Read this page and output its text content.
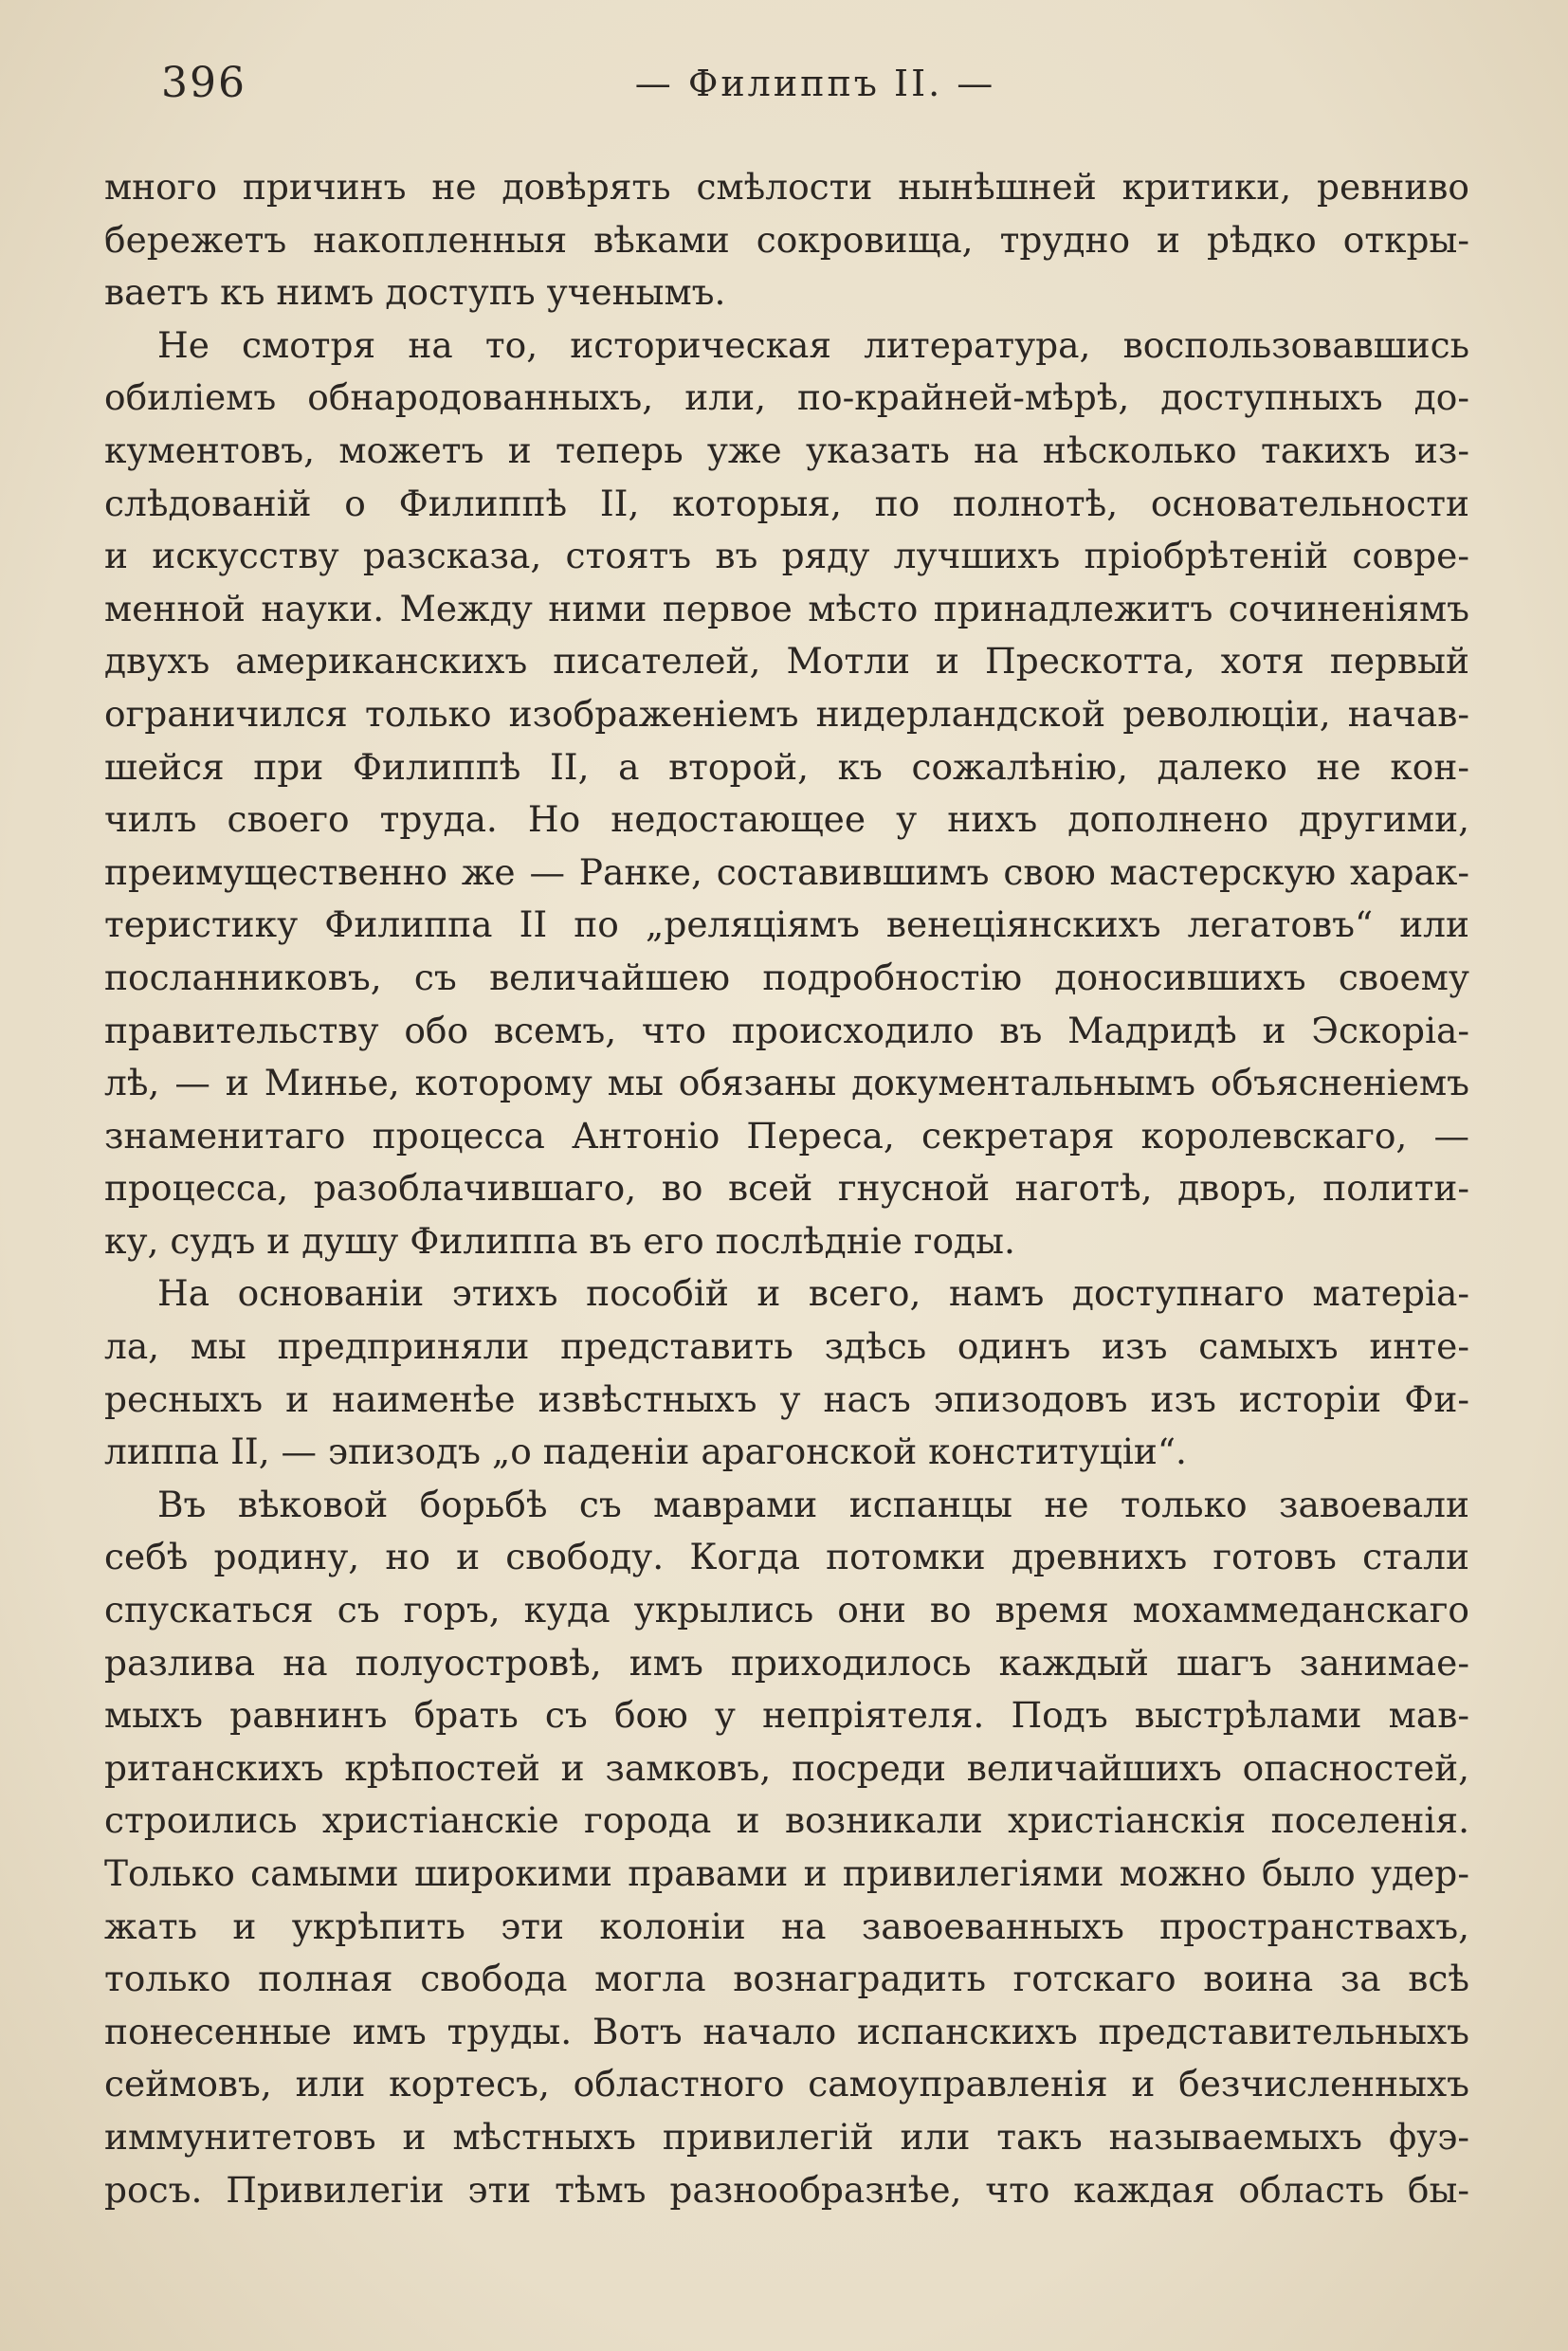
396	— Филиппъ II. —
много причинъ не довѣрять смѣлости нынѣшней критики, ревниво
бережетъ накопленныя вѣками сокровища, трудно и рѣдко откры-
ваетъ къ нимъ доступъ ученымъ.
Не смотря на то, историческая литература, воспользовавшись
обиліемъ обнародованныхъ, или, по-крайней-мѣрѣ, доступныхъ до-
кументовъ, можетъ и теперь уже указать на нѣсколько такихъ из-
слѣдованій о Филиппѣ II, которыя, по полнотѣ, основательности
и искусству разсказа, стоятъ въ ряду лучшихъ пріобрѣтеній совре-
менной науки. Между ними первое мѣсто принадлежитъ сочиненіямъ
двухъ американскихъ писателей, Мотли и Прескотта, хотя первый
ограничился только изображеніемъ нидерландской революціи, начав-
шейся при Филиппѣ II, а второй, къ сожалѣнію, далеко не кон-
чилъ своего труда. Но недостающее у нихъ дополнено другими,
преимущественно же — Ранке, составившимъ свою мастерскую харак-
теристику Филиппа II по „реляціямъ венеціянскихъ легатовъ“ или
посланниковъ, съ величайшею подробностію доносившихъ своему
правительству обо всемъ, что происходило въ Мадридѣ и Эскоріа-
лѣ, — и Минье, которому мы обязаны документальнымъ объясненіемъ
знаменитаго процесса Антоніо Переса, секретаря королевскаго, —
процесса, разоблачившаго, во всей гнусной наготѣ, дворъ, полити-
ку, судъ и душу Филиппа въ его послѣдніе годы.
На основаніи этихъ пособій и всего, намъ доступнаго матеріа-
ла, мы предприняли представить здѣсь одинъ изъ самыхъ инте-
ресныхъ и наименѣе извѣстныхъ у насъ эпизодовъ изъ исторіи Фи-
липпа II, — эпизодъ „о паденіи арагонской конституціи“.
Въ вѣковой борьбѣ съ маврами испанцы не только завоевали
себѣ родину, но и свободу. Когда потомки древнихъ готовъ стали
спускаться съ горъ, куда укрылись они во время мохаммеданскаго
разлива на полуостровѣ, имъ приходилось каждый шагъ занимае-
мыхъ равнинъ брать съ бою у непріятеля. Подъ выстрѣлами мав-
ританскихъ крѣпостей и замковъ, посреди величайшихъ опасностей,
строились христіанскіе города и возникали христіанскія поселенія.
Только самыми широкими правами и привилегіями можно было удер-
жать и укрѣпить эти колоніи на завоеванныхъ пространствахъ,
только полная свобода могла вознаградить готскаго воина за всѣ
понесенные имъ труды. Вотъ начало испанскихъ представительныхъ
сеймовъ, или кортесъ, областного самоуправленія и безчисленныхъ
иммунитетовъ и мѣстныхъ привилегій или такъ называемыхъ фуэ-
росъ. Привилегіи эти тѣмъ разнообразнѣе, что каждая область бы-
